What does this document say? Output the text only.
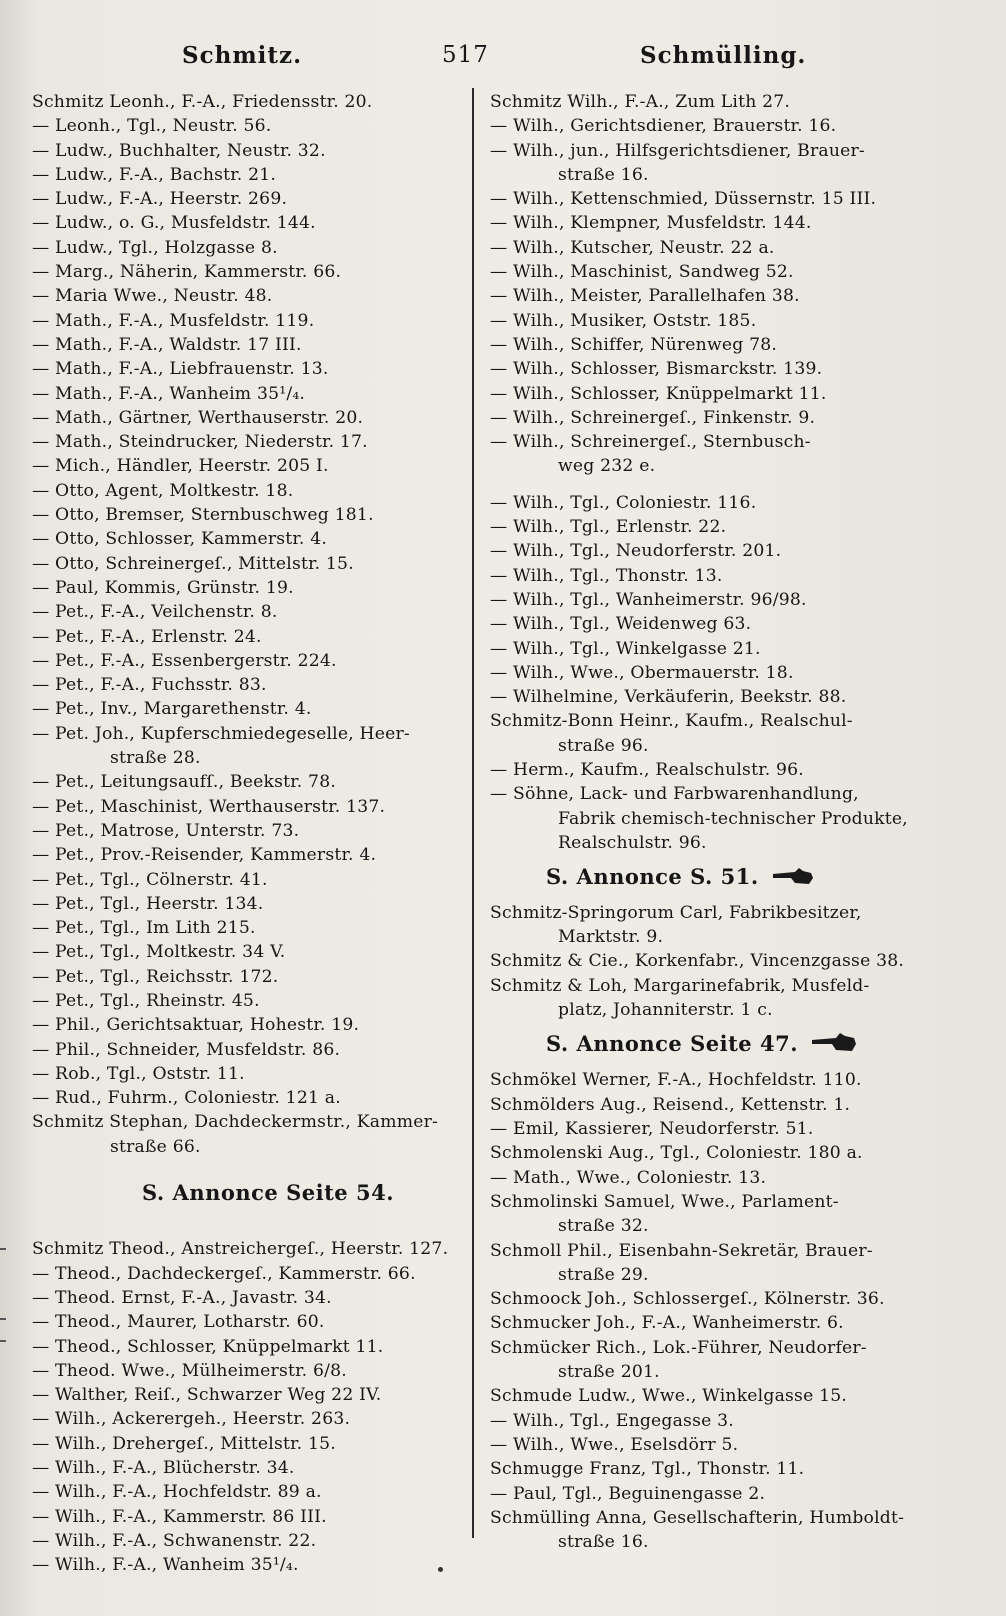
Schmitz.	517	Schmülling.
Schmitz Leonh., F.-A., Friedensstr. 20.
— Leonh., Tgl., Neustr. 56.
— Ludw., Buchhalter, Neustr. 32.
— Ludw., F.-A., Bachstr. 21.
— Ludw., F.-A., Heerstr. 269.
— Ludw., o. G., Musfeldstr. 144.
— Ludw., Tgl., Holzgasse 8.
— Marg., Näherin, Kammerstr. 66.
— Maria Wwe., Neustr. 48.
— Math., F.-A., Musfeldstr. 119.
— Math., F.-A., Waldstr. 17 III.
— Math., F.-A., Liebfrauenstr. 13.
— Math., F.-A., Wanheim 35¹/₄.
— Math., Gärtner, Werthauserstr. 20.
— Math., Steindrucker, Niederstr. 17.
— Mich., Händler, Heerstr. 205 I.
— Otto, Agent, Moltkestr. 18.
— Otto, Bremser, Sternbuschweg 181.
— Otto, Schlosser, Kammerstr. 4.
— Otto, Schreinergeſ., Mittelstr. 15.
— Paul, Kommis, Grünstr. 19.
— Pet., F.-A., Veilchenstr. 8.
— Pet., F.-A., Erlenstr. 24.
— Pet., F.-A., Essenbergerstr. 224.
— Pet., F.-A., Fuchsstr. 83.
— Pet., Inv., Margarethenstr. 4.
— Pet. Joh., Kupferschmiedegeselle, Heer-
straße 28.
— Pet., Leitungsaufſ., Beekstr. 78.
— Pet., Maschinist, Werthauserstr. 137.
— Pet., Matrose, Unterstr. 73.
— Pet., Prov.-Reisender, Kammerstr. 4.
— Pet., Tgl., Cölnerstr. 41.
— Pet., Tgl., Heerstr. 134.
— Pet., Tgl., Im Lith 215.
— Pet., Tgl., Moltkestr. 34 V.
— Pet., Tgl., Reichsstr. 172.
— Pet., Tgl., Rheinstr. 45.
— Phil., Gerichtsaktuar, Hohestr. 19.
— Phil., Schneider, Musfeldstr. 86.
— Rob., Tgl., Oststr. 11.
— Rud., Fuhrm., Coloniestr. 121 a.
Schmitz Stephan, Dachdeckermstr., Kammer-
straße 66.
S. Annonce Seite 54.
Schmitz Theod., Anstreichergeſ., Heerstr. 127.
— Theod., Dachdeckergeſ., Kammerstr. 66.
— Theod. Ernst, F.-A., Javastr. 34.
— Theod., Maurer, Lotharstr. 60.
— Theod., Schlosser, Knüppelmarkt 11.
— Theod. Wwe., Mülheimerstr. 6/8.
— Walther, Reiſ., Schwarzer Weg 22 IV.
— Wilh., Ackerergeh., Heerstr. 263.
— Wilh., Drehergeſ., Mittelstr. 15.
— Wilh., F.-A., Blücherstr. 34.
— Wilh., F.-A., Hochfeldstr. 89 a.
— Wilh., F.-A., Kammerstr. 86 III.
— Wilh., F.-A., Schwanenstr. 22.
— Wilh., F.-A., Wanheim 35¹/₄.
Schmitz Wilh., F.-A., Zum Lith 27.
— Wilh., Gerichtsdiener, Brauerstr. 16.
— Wilh., jun., Hilfsgerichtsdiener, Brauer-
straße 16.
— Wilh., Kettenschmied, Düssernstr. 15 III.
— Wilh., Klempner, Musfeldstr. 144.
— Wilh., Kutscher, Neustr. 22 a.
— Wilh., Maschinist, Sandweg 52.
— Wilh., Meister, Parallelhafen 38.
— Wilh., Musiker, Oststr. 185.
— Wilh., Schiffer, Nürenweg 78.
— Wilh., Schlosser, Bismarckstr. 139.
— Wilh., Schlosser, Knüppelmarkt 11.
— Wilh., Schreinergeſ., Finkenstr. 9.
— Wilh., Schreinergeſ., Sternbusch-
weg 232 e.
— Wilh., Tgl., Coloniestr. 116.
— Wilh., Tgl., Erlenstr. 22.
— Wilh., Tgl., Neudorferstr. 201.
— Wilh., Tgl., Thonstr. 13.
— Wilh., Tgl., Wanheimerstr. 96/98.
— Wilh., Tgl., Weidenweg 63.
— Wilh., Tgl., Winkelgasse 21.
— Wilh., Wwe., Obermauerstr. 18.
— Wilhelmine, Verkäuferin, Beekstr. 88.
Schmitz-Bonn Heinr., Kaufm., Realschul-
straße 96.
— Herm., Kaufm., Realschulstr. 96.
— Söhne, Lack- und Farbwarenhandlung,
Fabrik chemisch-technischer Produkte,
Realschulstr. 96.
S. Annonce S. 51.
Schmitz-Springorum Carl, Fabrikbesitzer,
Marktstr. 9.
Schmitz & Cie., Korkenfabr., Vincenzgasse 38.
Schmitz & Loh, Margarinefabrik, Musfeld-
platz, Johanniterstr. 1 c.
S. Annonce Seite 47.
Schmökel Werner, F.-A., Hochfeldstr. 110.
Schmölders Aug., Reisend., Kettenstr. 1.
— Emil, Kassierer, Neudorferstr. 51.
Schmolenski Aug., Tgl., Coloniestr. 180 a.
— Math., Wwe., Coloniestr. 13.
Schmolinski Samuel, Wwe., Parlament-
straße 32.
Schmoll Phil., Eisenbahn-Sekretär, Brauer-
straße 29.
Schmoock Joh., Schlossergeſ., Kölnerstr. 36.
Schmucker Joh., F.-A., Wanheimerstr. 6.
Schmücker Rich., Lok.-Führer, Neudorfer-
straße 201.
Schmude Ludw., Wwe., Winkelgasse 15.
— Wilh., Tgl., Engegasse 3.
— Wilh., Wwe., Eselsdörr 5.
Schmugge Franz, Tgl., Thonstr. 11.
— Paul, Tgl., Beguinengasse 2.
Schmülling Anna, Gesellschafterin, Humboldt-
straße 16.
